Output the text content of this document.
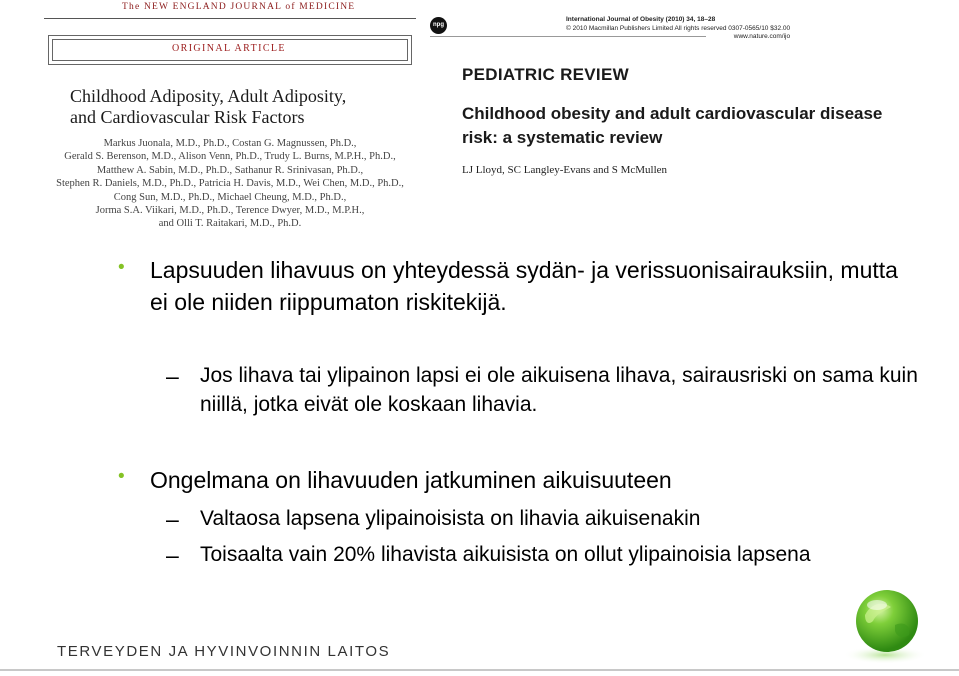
The NEW ENGLAND JOURNAL of MEDICINE
ORIGINAL ARTICLE
Childhood Adiposity, Adult Adiposity,
and Cardiovascular Risk Factors
Markus Juonala, M.D., Ph.D., Costan G. Magnussen, Ph.D.,
Gerald S. Berenson, M.D., Alison Venn, Ph.D., Trudy L. Burns, M.P.H., Ph.D.,
Matthew A. Sabin, M.D., Ph.D., Sathanur R. Srinivasan, Ph.D.,
Stephen R. Daniels, M.D., Ph.D., Patricia H. Davis, M.D., Wei Chen, M.D., Ph.D.,
Cong Sun, M.D., Ph.D., Michael Cheung, M.D., Ph.D.,
Jorma S.A. Viikari, M.D., Ph.D., Terence Dwyer, M.D., M.P.H.,
and Olli T. Raitakari, M.D., Ph.D.
npg
International Journal of Obesity (2010) 34, 18–28
© 2010 Macmillan Publishers Limited All rights reserved 0307-0565/10 $32.00
www.nature.com/ijo
PEDIATRIC REVIEW
Childhood obesity and adult cardiovascular disease
risk: a systematic review
LJ Lloyd, SC Langley-Evans and S McMullen
• Lapsuuden lihavuus on yhteydessä sydän- ja verissuonisairauksiin, mutta ei ole niiden riippumaton riskitekijä.
– Jos lihava tai ylipainon lapsi ei ole aikuisena lihava, sairausriski on sama kuin niillä, jotka eivät ole koskaan lihavia.
• Ongelmana on lihavuuden jatkuminen aikuisuuteen
– Valtaosa lapsena ylipainoisista on lihavia aikuisenakin
– Toisaalta vain 20% lihavista aikuisista on ollut ylipainoisia lapsena
TERVEYDEN JA HYVINVOINNIN LAITOS
